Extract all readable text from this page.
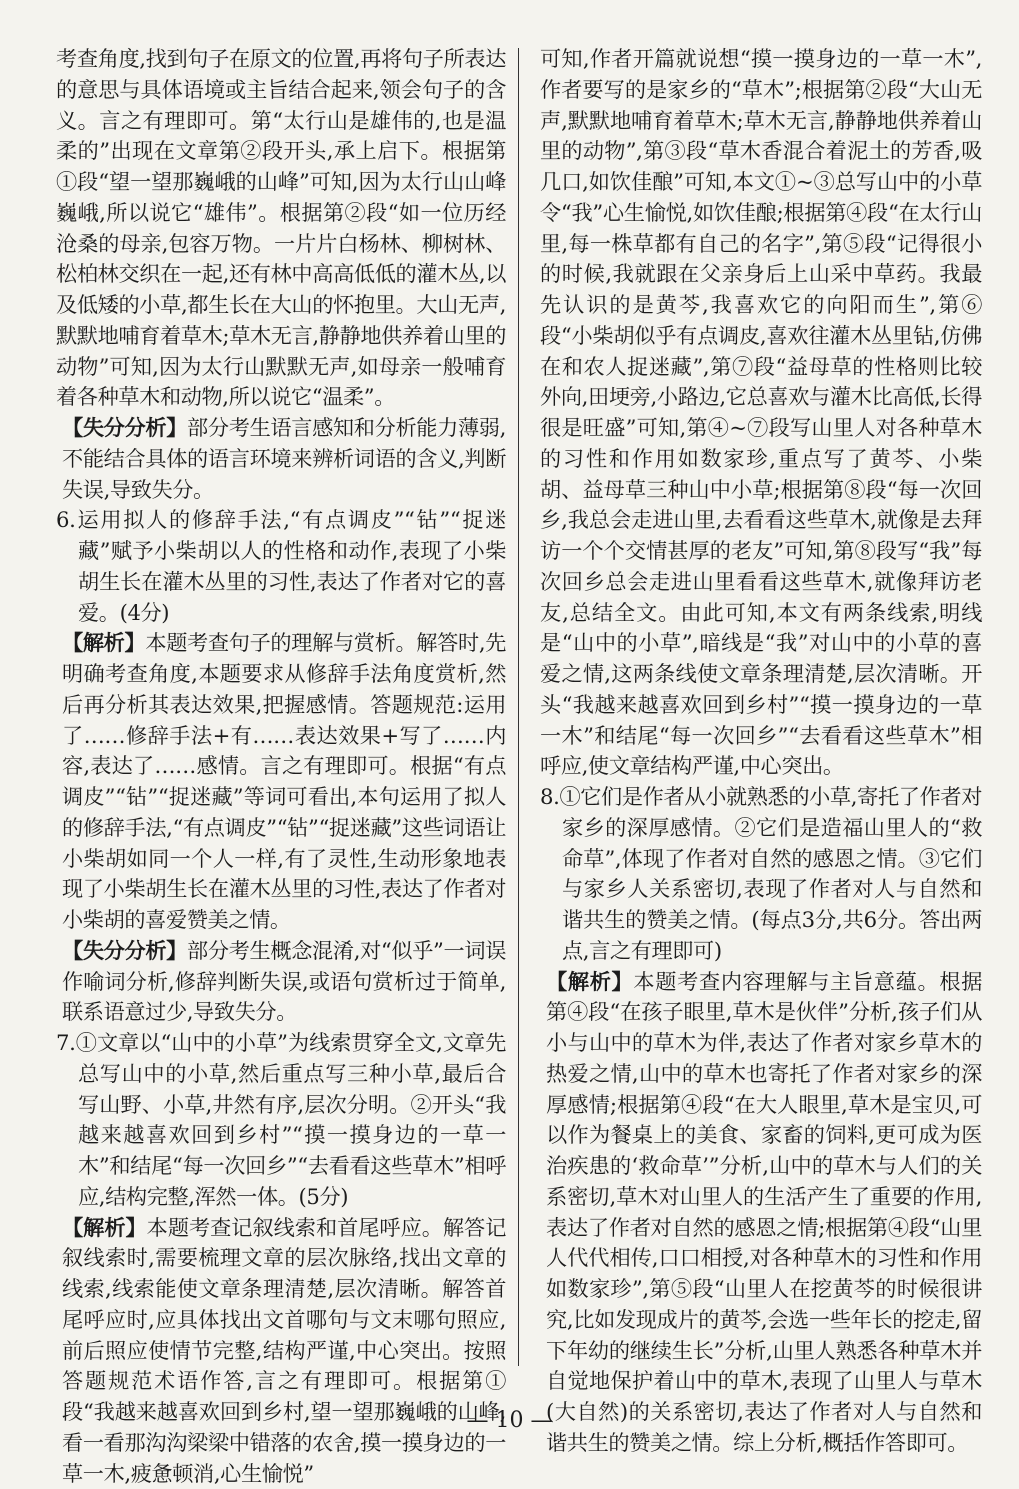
考查角度,找到句子在原文的位置,再将句子所表达的意思与具体语境或主旨结合起来,领会句子的含义。言之有理即可。第“太行山是雄伟的,也是温柔的”出现在文章第②段开头,承上启下。根据第①段“望一望那巍峨的山峰”可知,因为太行山山峰巍峨,所以说它“雄伟”。根据第②段“如一位历经沧桑的母亲,包容万物。一片片白杨林、柳树林、松柏林交织在一起,还有林中高高低低的灌木丛,以及低矮的小草,都生长在大山的怀抱里。大山无声,默默地哺育着草木;草木无言,静静地供养着山里的动物”可知,因为太行山默默无声,如母亲一般哺育着各种草木和动物,所以说它“温柔”。

【失分分析】部分考生语言感知和分析能力薄弱,不能结合具体的语言环境来辨析词语的含义,判断失误,导致失分。

6.运用拟人的修辞手法,“有点调皮”“钻”“捉迷藏”赋予小柴胡以人的性格和动作,表现了小柴胡生长在灌木丛里的习性,表达了作者对它的喜爱。(4分)

【解析】本题考查句子的理解与赏析。解答时,先明确考查角度,本题要求从修辞手法角度赏析,然后再分析其表达效果,把握感情。答题规范:运用了……修辞手法+有……表达效果+写了……内容,表达了……感情。言之有理即可。根据“有点调皮”“钻”“捉迷藏”等词可看出,本句运用了拟人的修辞手法,“有点调皮”“钻”“捉迷藏”这些词语让小柴胡如同一个人一样,有了灵性,生动形象地表现了小柴胡生长在灌木丛里的习性,表达了作者对小柴胡的喜爱赞美之情。

【失分分析】部分考生概念混淆,对“似乎”一词误作喻词分析,修辞判断失误,或语句赏析过于简单,联系语意过少,导致失分。

7.①文章以“山中的小草”为线索贯穿全文,文章先总写山中的小草,然后重点写三种小草,最后合写山野、小草,井然有序,层次分明。②开头“我越来越喜欢回到乡村”“摸一摸身边的一草一木”和结尾“每一次回乡”“去看看这些草木”相呼应,结构完整,浑然一体。(5分)

【解析】本题考查记叙线索和首尾呼应。解答记叙线索时,需要梳理文章的层次脉络,找出文章的线索,线索能使文章条理清楚,层次清晰。解答首尾呼应时,应具体找出文首哪句与文末哪句照应,前后照应使情节完整,结构严谨,中心突出。按照答题规范术语作答,言之有理即可。根据第①段“我越来越喜欢回到乡村,望一望那巍峨的山峰,看一看那沟沟梁梁中错落的农舍,摸一摸身边的一草一木,疲惫顿消,心生愉悦”

可知,作者开篇就说想“摸一摸身边的一草一木”,作者要写的是家乡的“草木”;根据第②段“大山无声,默默地哺育着草木;草木无言,静静地供养着山里的动物”,第③段“草木香混合着泥土的芳香,吸几口,如饮佳酿”可知,本文①~③总写山中的小草令“我”心生愉悦,如饮佳酿;根据第④段“在太行山里,每一株草都有自己的名字”,第⑤段“记得很小的时候,我就跟在父亲身后上山采中草药。我最先认识的是黄芩,我喜欢它的向阳而生”,第⑥段“小柴胡似乎有点调皮,喜欢往灌木丛里钻,仿佛在和农人捉迷藏”,第⑦段“益母草的性格则比较外向,田埂旁,小路边,它总喜欢与灌木比高低,长得很是旺盛”可知,第④~⑦段写山里人对各种草木的习性和作用如数家珍,重点写了黄芩、小柴胡、益母草三种山中小草;根据第⑧段“每一次回乡,我总会走进山里,去看看这些草木,就像是去拜访一个个交情甚厚的老友”可知,第⑧段写“我”每次回乡总会走进山里看看这些草木,就像拜访老友,总结全文。由此可知,本文有两条线索,明线是“山中的小草”,暗线是“我”对山中的小草的喜爱之情,这两条线使文章条理清楚,层次清晰。开头“我越来越喜欢回到乡村”“摸一摸身边的一草一木”和结尾“每一次回乡”“去看看这些草木”相呼应,使文章结构严谨,中心突出。

8.①它们是作者从小就熟悉的小草,寄托了作者对家乡的深厚感情。②它们是造福山里人的“救命草”,体现了作者对自然的感恩之情。③它们与家乡人关系密切,表现了作者对人与自然和谐共生的赞美之情。(每点3分,共6分。答出两点,言之有理即可)

【解析】本题考查内容理解与主旨意蕴。根据第④段“在孩子眼里,草木是伙伴”分析,孩子们从小与山中的草木为伴,表达了作者对家乡草木的热爱之情,山中的草木也寄托了作者对家乡的深厚感情;根据第④段“在大人眼里,草木是宝贝,可以作为餐桌上的美食、家畜的饲料,更可成为医治疾患的‘救命草’”分析,山中的草木与人们的关系密切,草木对山里人的生活产生了重要的作用,表达了作者对自然的感恩之情;根据第④段“山里人代代相传,口口相授,对各种草木的习性和作用如数家珍”,第⑤段“山里人在挖黄芩的时候很讲究,比如发现成片的黄芩,会选一些年长的挖走,留下年幼的继续生长”分析,山里人熟悉各种草木并自觉地保护着山中的草木,表现了山里人与草木(大自然)的关系密切,表达了作者对人与自然和谐共生的赞美之情。综上分析,概括作答即可。

— 10 —
